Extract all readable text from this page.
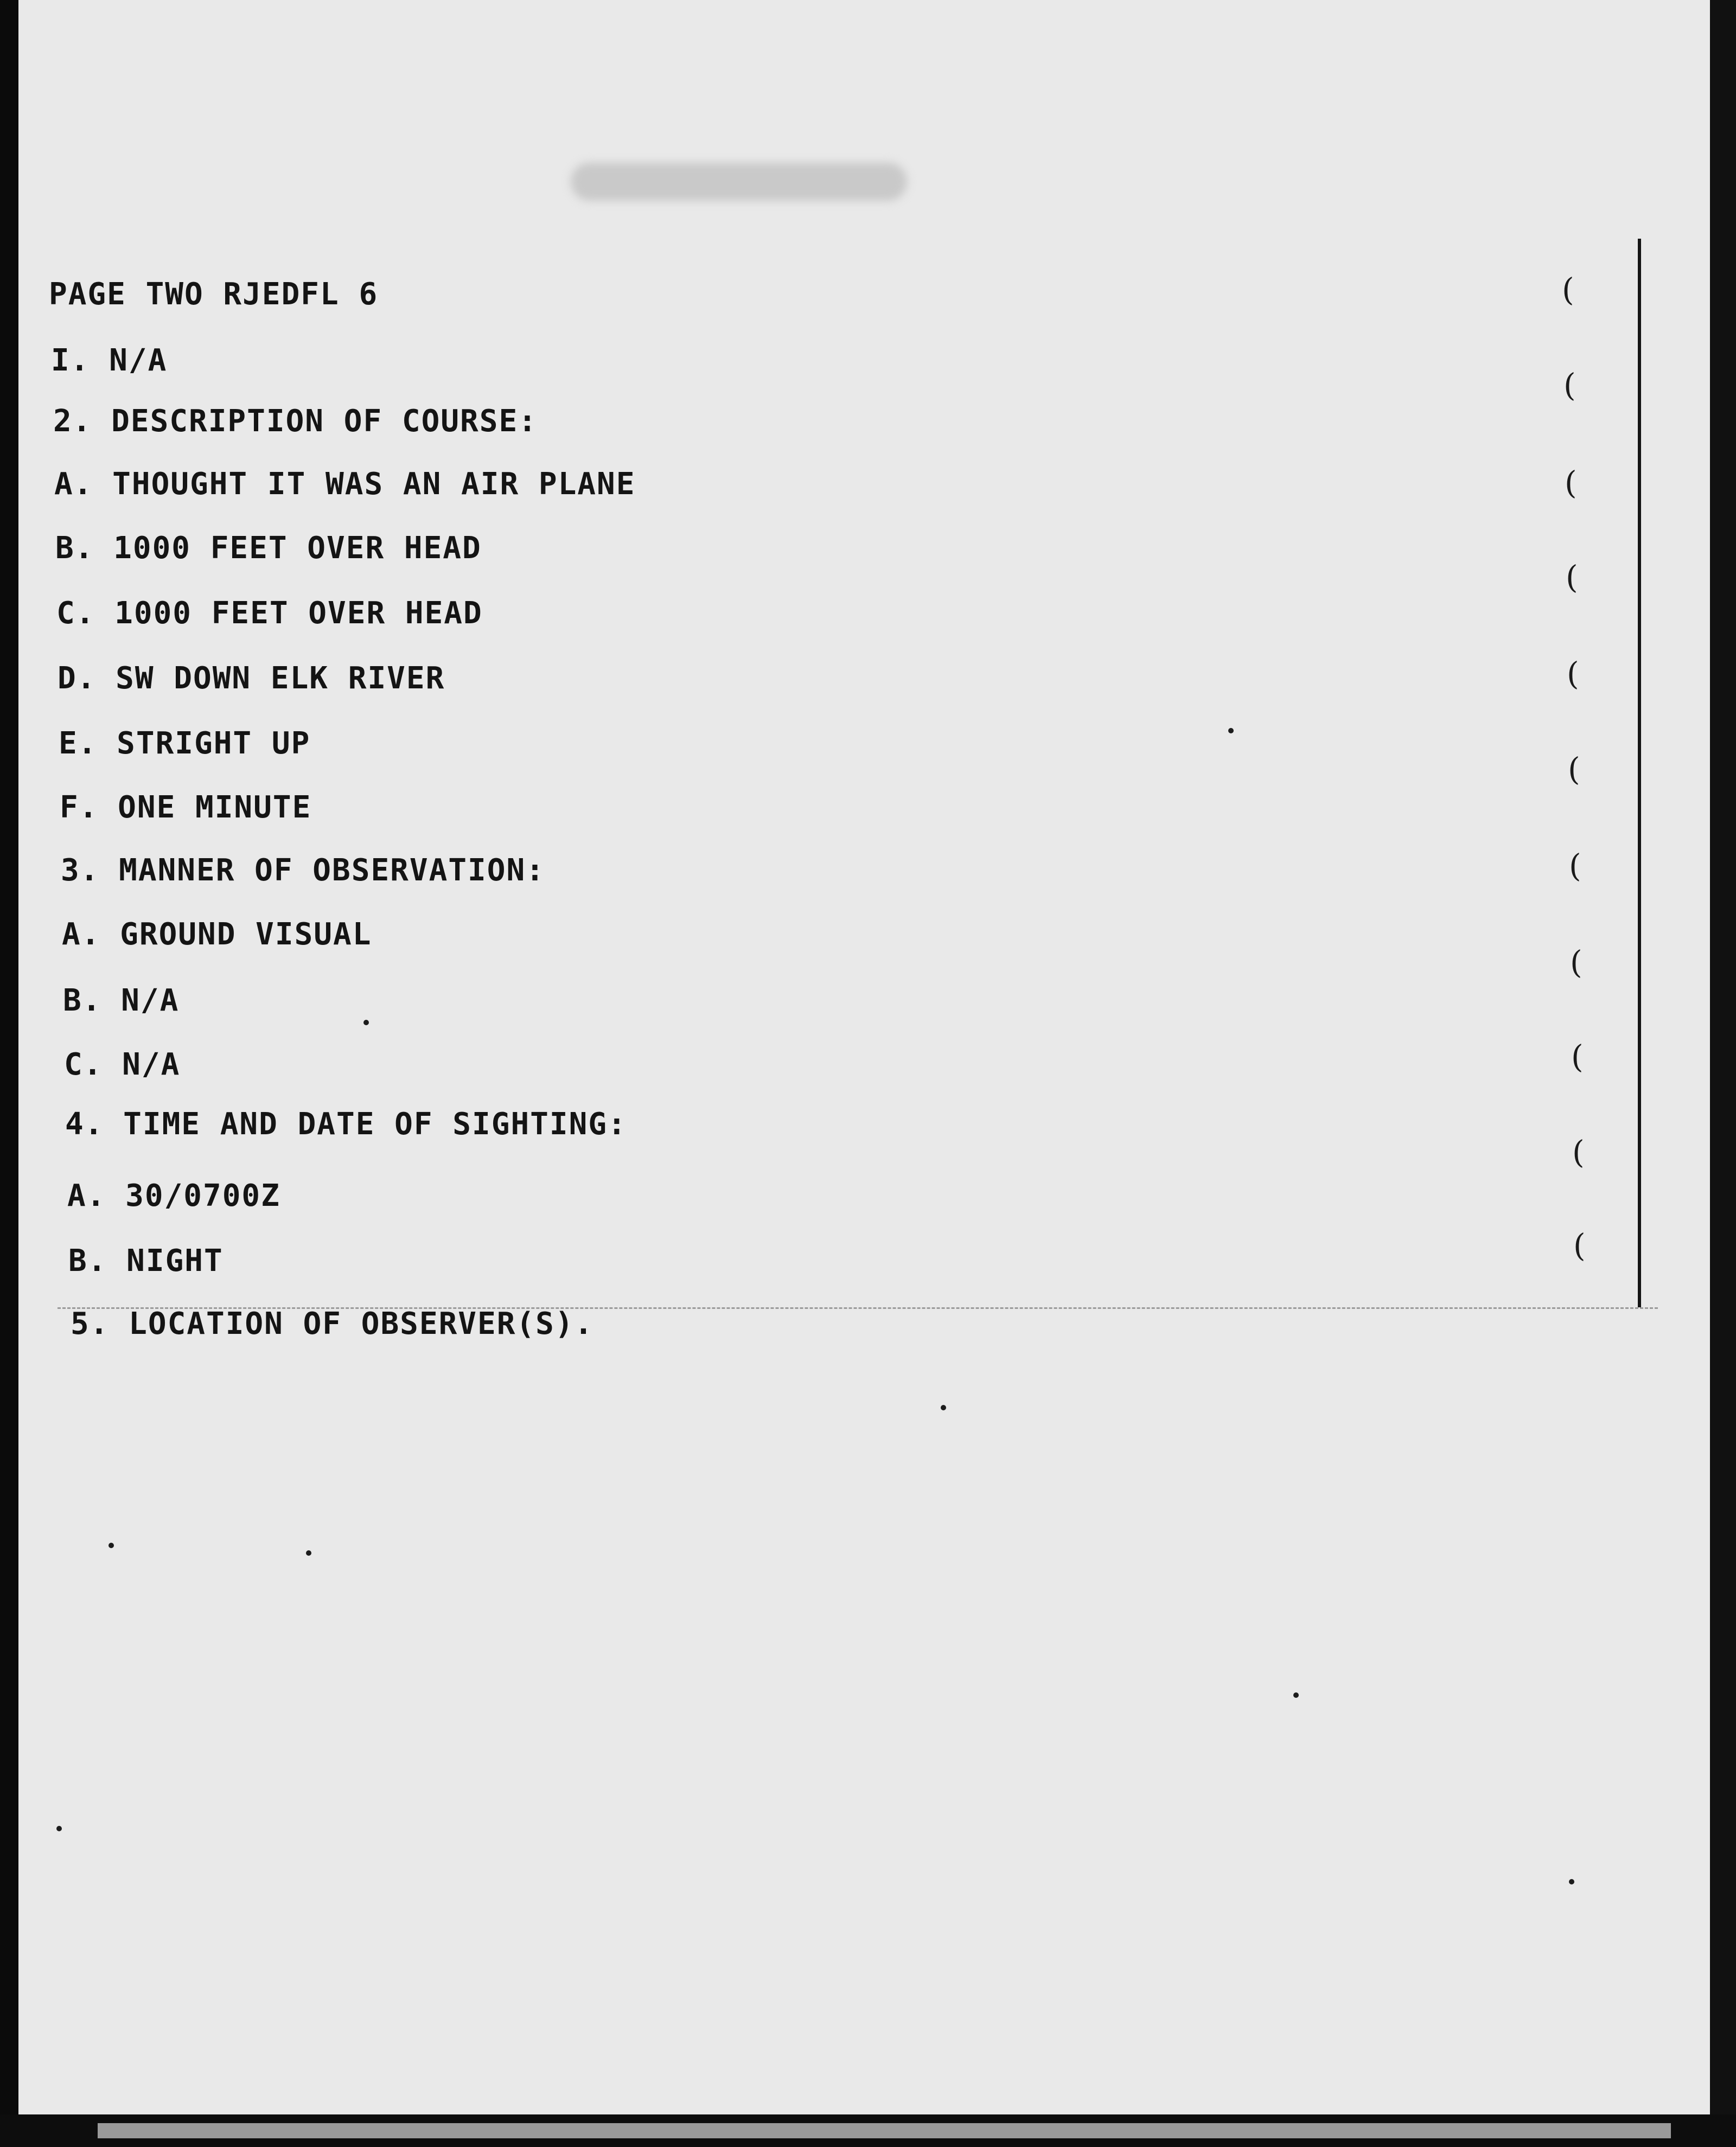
PAGE TWO RJEDFL 6
I. N/A
2. DESCRIPTION OF COURSE:
A. THOUGHT IT WAS AN AIR PLANE
B. 1000 FEET OVER HEAD
C. 1000 FEET OVER HEAD
D. SW DOWN ELK RIVER
E. STRIGHT UP
F. ONE MINUTE
3. MANNER OF OBSERVATION:
A. GROUND VISUAL
B. N/A
C. N/A
4. TIME AND DATE OF SIGHTING:
A. 30/0700Z
B. NIGHT
5. LOCATION OF OBSERVER(S).
(
(
(
(
(
(
(
(
(
(
(
